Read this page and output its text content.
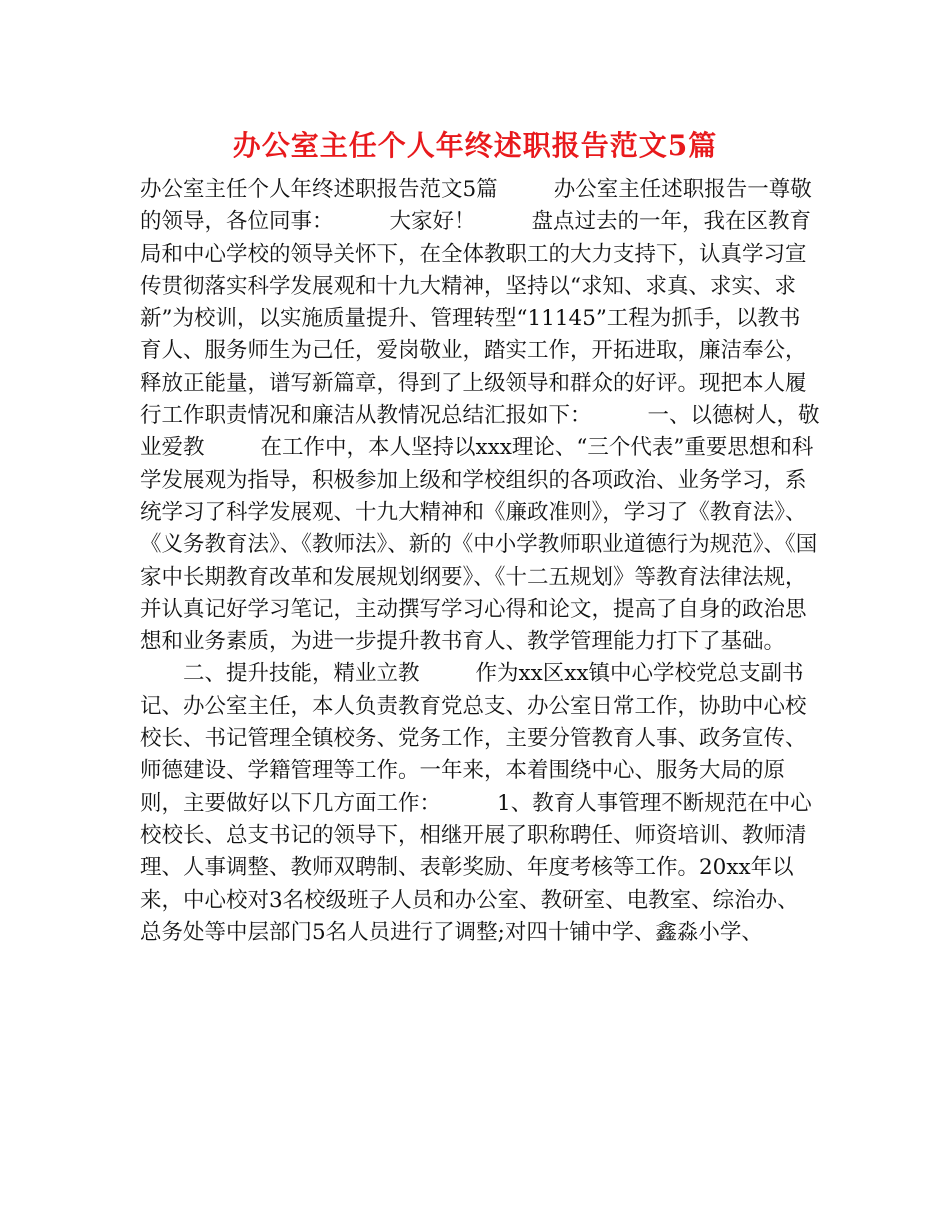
办公室主任个人年终述职报告范文5篇

办公室主任个人年终述职报告范文5篇	办公室主任述职报告一尊敬的领导，各位同事：	大家好！	盘点过去的一年，我在区教育局和中心学校的领导关怀下，在全体教职工的大力支持下，认真学习宣传贯彻落实科学发展观和十九大精神，坚持以“求知、求真、求实、求新”为校训，以实施质量提升、管理转型“11145”工程为抓手，以教书育人、服务师生为己任，爱岗敬业，踏实工作，开拓进取，廉洁奉公，释放正能量，谱写新篇章，得到了上级领导和群众的好评。现把本人履行工作职责情况和廉洁从教情况总结汇报如下：	一、以德树人，敬业爱教	在工作中，本人坚持以xxx理论、“三个代表”重要思想和科学发展观为指导，积极参加上级和学校组织的各项政治、业务学习，系统学习了科学发展观、十九大精神和《廉政准则》，学习了《教育法》、《义务教育法》、《教师法》、新的《中小学教师职业道德行为规范》、《国家中长期教育改革和发展规划纲要》、《十二五规划》等教育法律法规，并认真记好学习笔记，主动撰写学习心得和论文，提高了自身的政治思想和业务素质，为进一步提升教书育人、教学管理能力打下了基础。

二、提升技能，精业立教	作为xx区xx镇中心学校党总支副书记、办公室主任，本人负责教育党总支、办公室日常工作，协助中心校校长、书记管理全镇校务、党务工作，主要分管教育人事、政务宣传、师德建设、学籍管理等工作。一年来，本着围绕中心、服务大局的原则，主要做好以下几方面工作：	1、教育人事管理不断规范在中心校校长、总支书记的领导下，相继开展了职称聘任、师资培训、教师清理、人事调整、教师双聘制、表彰奖励、年度考核等工作。20xx年以来，中心校对3名校级班子人员和办公室、教研室、电教室、综治办、总务处等中层部门5名人员进行了调整;对四十铺中学、鑫淼小学、
